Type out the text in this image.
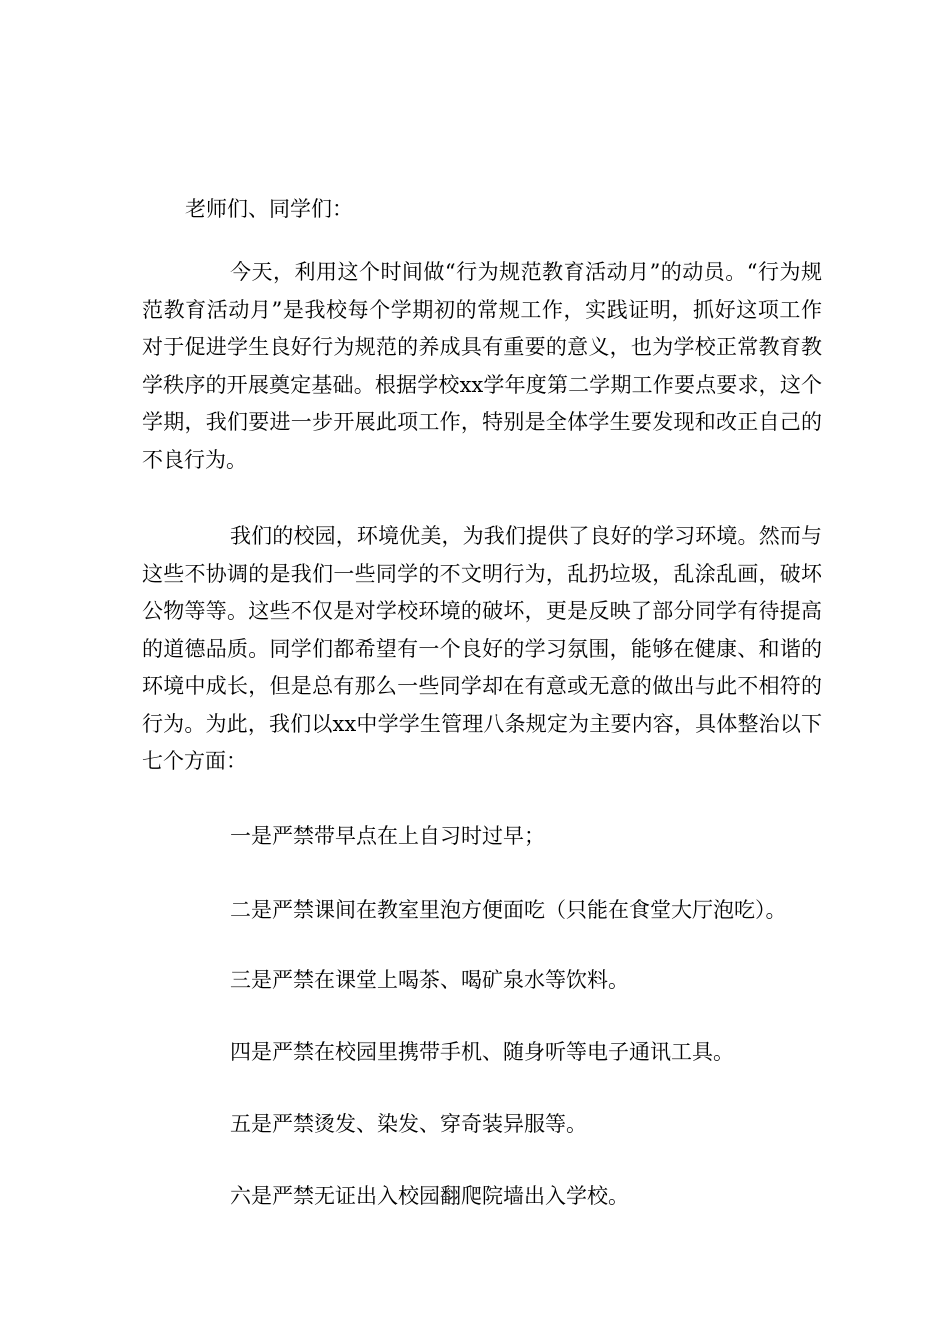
老师们、同学们：

今天，利用这个时间做“行为规范教育活动月”的动员。“行为规范教育活动月”是我校每个学期初的常规工作，实践证明，抓好这项工作对于促进学生良好行为规范的养成具有重要的意义，也为学校正常教育教学秩序的开展奠定基础。根据学校xx学年度第二学期工作要点要求，这个学期，我们要进一步开展此项工作，特别是全体学生要发现和改正自己的不良行为。

我们的校园，环境优美，为我们提供了良好的学习环境。然而与这些不协调的是我们一些同学的不文明行为，乱扔垃圾，乱涂乱画，破坏公物等等。这些不仅是对学校环境的破坏，更是反映了部分同学有待提高的道德品质。同学们都希望有一个良好的学习氛围，能够在健康、和谐的环境中成长，但是总有那么一些同学却在有意或无意的做出与此不相符的行为。为此，我们以xx中学学生管理八条规定为主要内容，具体整治以下七个方面：

一是严禁带早点在上自习时过早；

二是严禁课间在教室里泡方便面吃（只能在食堂大厅泡吃）。

三是严禁在课堂上喝茶、喝矿泉水等饮料。

四是严禁在校园里携带手机、随身听等电子通讯工具。

五是严禁烫发、染发、穿奇装异服等。

六是严禁无证出入校园翻爬院墙出入学校。
